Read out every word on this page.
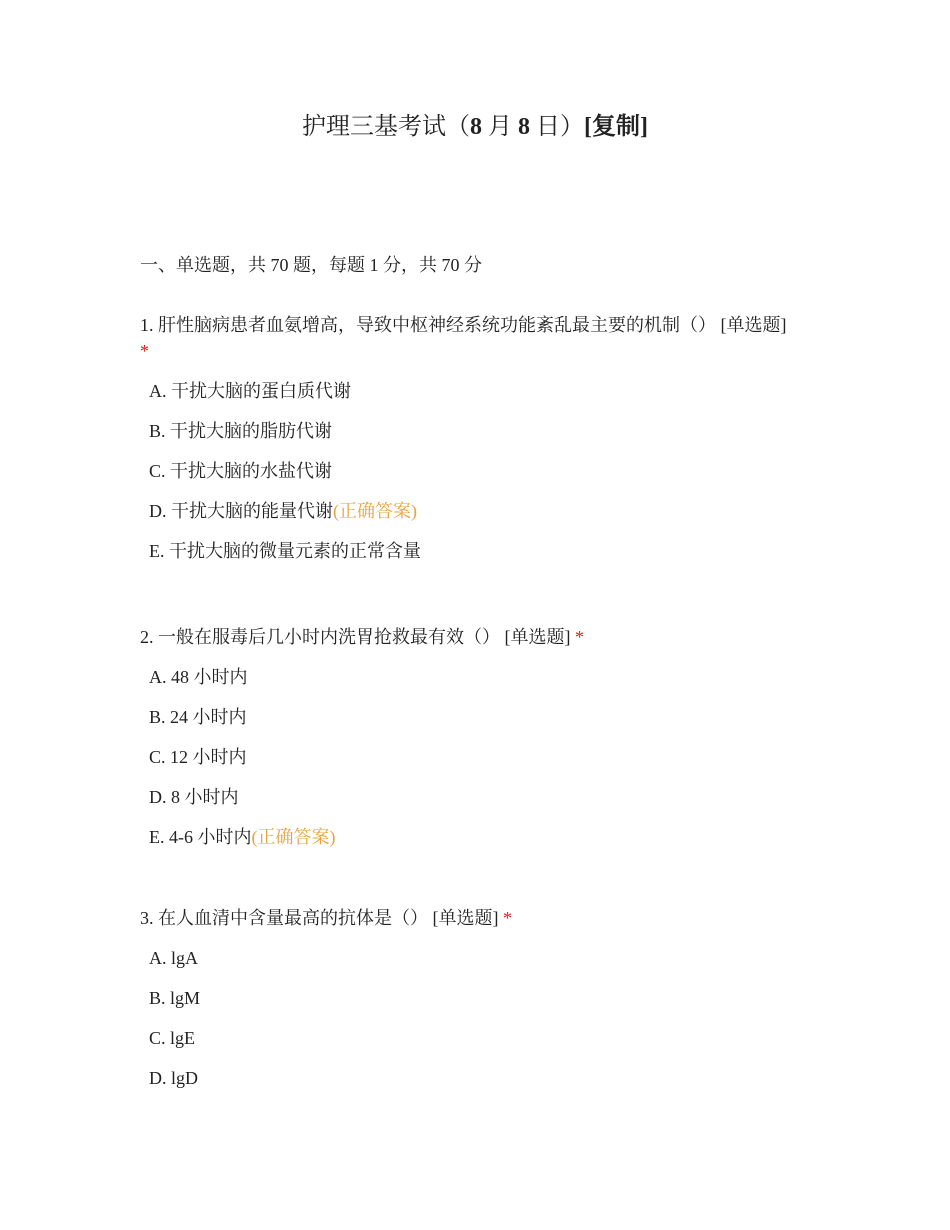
护理三基考试（8 月 8 日）[复制]
一、单选题，共 70 题，每题 1 分，共 70 分

1. 肝性脑病患者血氨增高，导致中枢神经系统功能紊乱最主要的机制（） [单选题]
*

A. 干扰大脑的蛋白质代谢
B. 干扰大脑的脂肪代谢
C. 干扰大脑的水盐代谢
D. 干扰大脑的能量代谢(正确答案)
E. 干扰大脑的微量元素的正常含量

2. 一般在服毒后几小时内洗胃抢救最有效（） [单选题] *

A. 48 小时内
B. 24 小时内
C. 12 小时内
D. 8 小时内
E. 4-6 小时内(正确答案)

3. 在人血清中含量最高的抗体是（） [单选题] *

A. lgA
B. lgM
C. lgE
D. lgD
